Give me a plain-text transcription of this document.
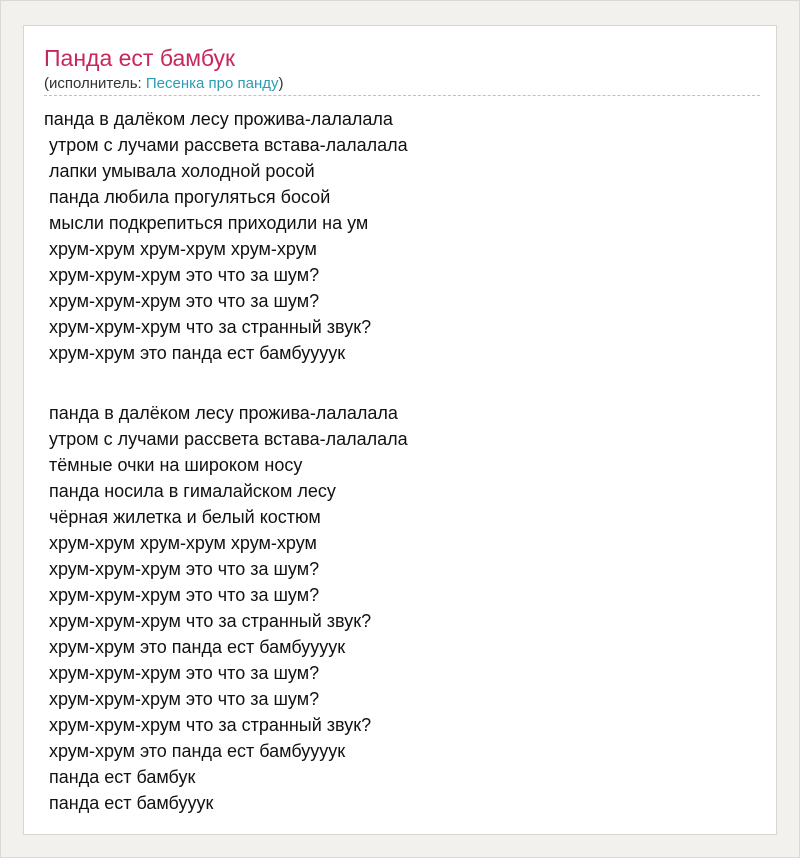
Панда ест бамбук
(исполнитель: Песенка про панду)
панда в далёком лесу прожива-лалалала
утром с лучами рассвета встава-лалалала
лапки умывала холодной росой
панда любила прогуляться босой
мысли подкрепиться приходили на ум
хрум-хрум хрум-хрум хрум-хрум
хрум-хрум-хрум это что за шум?
хрум-хрум-хрум это что за шум?
хрум-хрум-хрум что за странный звук?
хрум-хрум это панда ест бамбуууук
панда в далёком лесу прожива-лалалала
утром с лучами рассвета встава-лалалала
тёмные очки на широком носу
панда носила в гималайском лесу
чёрная жилетка и белый костюм
хрум-хрум хрум-хрум хрум-хрум
хрум-хрум-хрум это что за шум?
хрум-хрум-хрум это что за шум?
хрум-хрум-хрум что за странный звук?
хрум-хрум это панда ест бамбуууук
хрум-хрум-хрум это что за шум?
хрум-хрум-хрум это что за шум?
хрум-хрум-хрум что за странный звук?
хрум-хрум это панда ест бамбуууук
панда ест бамбук
панда ест бамбууук
